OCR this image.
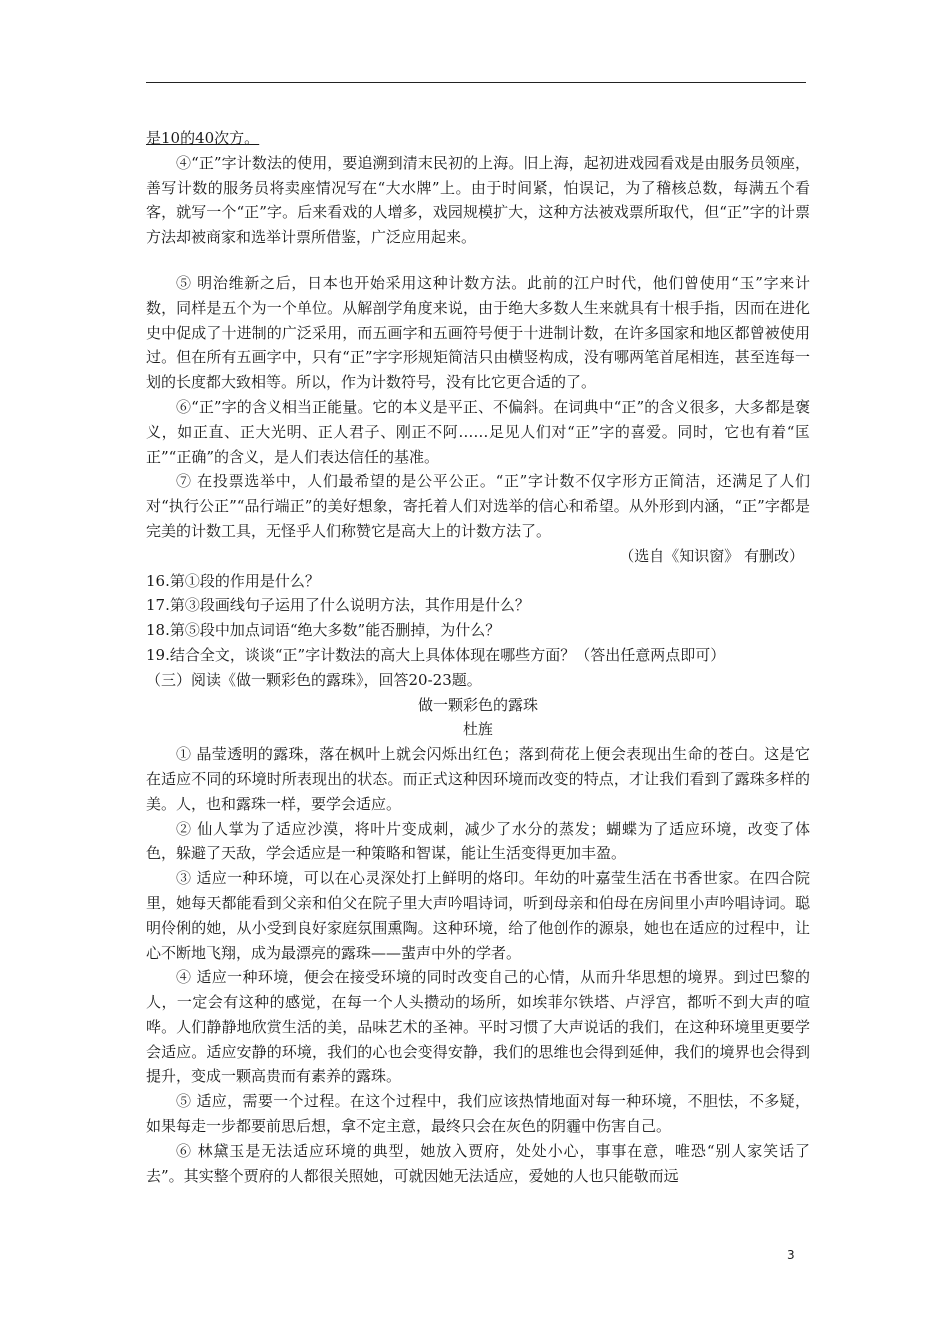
是10的40次方。

④“正”字计数法的使用，要追溯到清末民初的上海。旧上海，起初进戏园看戏是由服务员领座，善写计数的服务员将卖座情况写在“大水牌”上。由于时间紧，怕误记，为了稽核总数，每满五个看客，就写一个“正”字。后来看戏的人增多，戏园规模扩大，这种方法被戏票所取代，但“正”字的计票方法却被商家和选举计票所借鉴，广泛应用起来。

⑤ 明治维新之后，日本也开始采用这种计数方法。此前的江户时代，他们曾使用“玉”字来计数，同样是五个为一个单位。从解剖学角度来说，由于绝大多数人生来就具有十根手指，因而在进化史中促成了十进制的广泛采用，而五画字和五画符号便于十进制计数，在许多国家和地区都曾被使用过。但在所有五画字中，只有“正”字字形规矩简洁只由横竖构成，没有哪两笔首尾相连，甚至连每一划的长度都大致相等。所以，作为计数符号，没有比它更合适的了。

⑥“正”字的含义相当正能量。它的本义是平正、不偏斜。在词典中“正”的含义很多，大多都是褒义，如正直、正大光明、正人君子、刚正不阿……足见人们对“正”字的喜爱。同时，它也有着“匡正”“正确”的含义，是人们表达信任的基准。

⑦ 在投票选举中，人们最希望的是公平公正。“正”字计数不仅字形方正简洁，还满足了人们对“执行公正”“品行端正”的美好想象，寄托着人们对选举的信心和希望。从外形到内涵，“正”字都是完美的计数工具，无怪乎人们称赞它是高大上的计数方法了。

（选自《知识窗》 有删改）

16.第①段的作用是什么？

17.第③段画线句子运用了什么说明方法，其作用是什么？

18.第⑤段中加点词语“绝大多数”能否删掉，为什么？

19.结合全文，谈谈“正”字计数法的高大上具体体现在哪些方面？（答出任意两点即可）

（三）阅读《做一颗彩色的露珠》，回答20-23题。

做一颗彩色的露珠

杜旌

① 晶莹透明的露珠，落在枫叶上就会闪烁出红色；落到荷花上便会表现出生命的苍白。这是它在适应不同的环境时所表现出的状态。而正式这种因环境而改变的特点，才让我们看到了露珠多样的美。人，也和露珠一样，要学会适应。

② 仙人掌为了适应沙漠，将叶片变成刺，减少了水分的蒸发；蝴蝶为了适应环境，改变了体色，躲避了天敌，学会适应是一种策略和智谋，能让生活变得更加丰盈。

③ 适应一种环境，可以在心灵深处打上鲜明的烙印。年幼的叶嘉莹生活在书香世家。在四合院里，她每天都能看到父亲和伯父在院子里大声吟唱诗词，听到母亲和伯母在房间里小声吟唱诗词。聪明伶俐的她，从小受到良好家庭氛围熏陶。这种环境，给了他创作的源泉，她也在适应的过程中，让心不断地飞翔，成为最漂亮的露珠——蜚声中外的学者。

④ 适应一种环境，便会在接受环境的同时改变自己的心情，从而升华思想的境界。到过巴黎的人，一定会有这种的感觉，在每一个人头攒动的场所，如埃菲尔铁塔、卢浮宫，都听不到大声的喧哗。人们静静地欣赏生活的美，品味艺术的圣神。平时习惯了大声说话的我们，在这种环境里更要学会适应。适应安静的环境，我们的心也会变得安静，我们的思维也会得到延伸，我们的境界也会得到提升，变成一颗高贵而有素养的露珠。

⑤ 适应，需要一个过程。在这个过程中，我们应该热情地面对每一种环境，不胆怯，不多疑，如果每走一步都要前思后想，拿不定主意，最终只会在灰色的阴霾中伤害自己。

⑥ 林黛玉是无法适应环境的典型，她放入贾府，处处小心，事事在意，唯恐“别人家笑话了去”。其实整个贾府的人都很关照她，可就因她无法适应，爱她的人也只能敬而远

3
